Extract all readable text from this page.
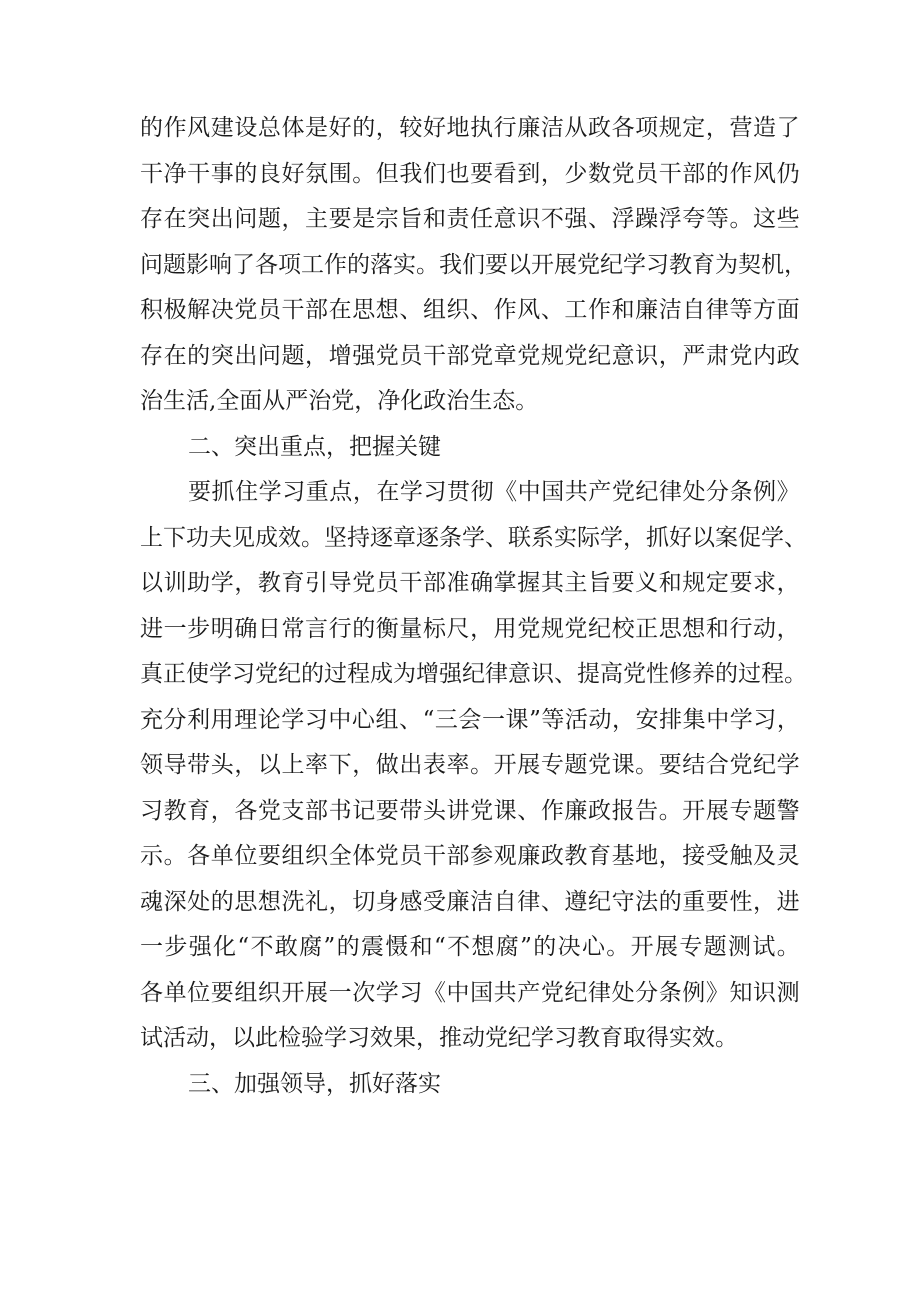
的 作 风 建 设 总 体 是 好 的 ， 较 好 地 执 行 廉 洁 从 政 各 项 规 定 ， 营 造 了
干 净 干 事 的 良 好 氛 围 。 但 我 们 也 要 看 到 ， 少 数 党 员 干 部 的 作 风 仍
存 在 突 出 问 题 ， 主 要 是 宗 旨 和 责 任 意 识 不 强 、 浮 躁 浮 夸 等 。 这 些
问 题 影 响 了 各 项 工 作 的 落 实 。 我 们 要 以 开 展 党 纪 学 习 教 育 为 契 机 ，
积 极 解 决 党 员 干 部 在 思 想 、 组 织 、 作 风 、 工 作 和 廉 洁 自 律 等 方 面
存 在 的 突 出 问 题 ， 增 强 党 员 干 部 党 章 党 规 党 纪 意 识 ， 严 肃 党 内 政
治生活,全面从严治党，净化政治生态。
二、突出重点，把握关键
要 抓 住 学 习 重 点 ， 在 学 习 贯 彻 《 中 国 共 产 党 纪 律 处 分 条 例 》
上 下 功 夫 见 成 效 。 坚 持 逐 章 逐 条 学 、 联 系 实 际 学 ， 抓 好 以 案 促 学 、
以 训 助 学 ， 教 育 引 导 党 员 干 部 准 确 掌 握 其 主 旨 要 义 和 规 定 要 求 ，
进 一 步 明 确 日 常 言 行 的 衡 量 标 尺 ， 用 党 规 党 纪 校 正 思 想 和 行 动 ，
真 正 使 学 习 党 纪 的 过 程 成 为 增 强 纪 律 意 识 、 提 高 党 性 修 养 的 过 程 。
充 分 利 用 理 论 学 习 中 心 组 、 “ 三 会 一 课 ” 等 活 动 ， 安 排 集 中 学 习 ，
领 导 带 头 ， 以 上 率 下 ， 做 出 表 率 。 开 展 专 题 党 课 。 要 结 合 党 纪 学
习 教 育 ， 各 党 支 部 书 记 要 带 头 讲 党 课 、 作 廉 政 报 告 。 开 展 专 题 警
示 。 各 单 位 要 组 织 全 体 党 员 干 部 参 观 廉 政 教 育 基 地 ， 接 受 触 及 灵
魂 深 处 的 思 想 洗 礼 ， 切 身 感 受 廉 洁 自 律 、 遵 纪 守 法 的 重 要 性 ， 进
一 步 强 化 “ 不 敢 腐 ” 的 震 慑 和 “ 不 想 腐 ” 的 决 心 。 开 展 专 题 测 试 。
各 单 位 要 组 织 开 展 一 次 学 习 《 中 国 共 产 党 纪 律 处 分 条 例 》 知 识 测
试活动，以此检验学习效果，推动党纪学习教育取得实效。
三、加强领导，抓好落实
